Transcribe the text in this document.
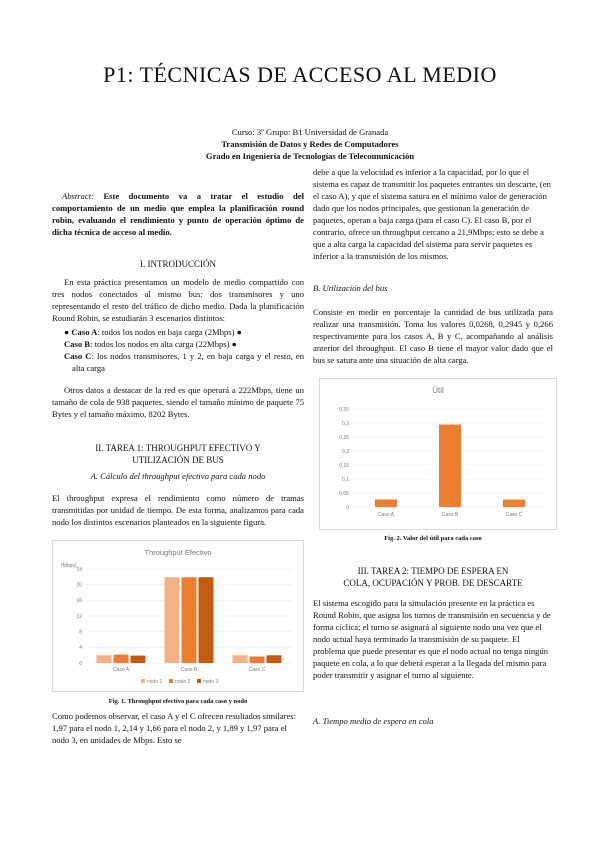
P1: TÉCNICAS DE ACCESO AL MEDIO
Curso: 3º Grupo: B1 Universidad de Granada
Transmisión de Datos y Redes de Computadores
Grado en Ingeniería de Tecnologías de Telecomunicación

Abstract: Este documento va a tratar el estudio del comportamiento de un medio que emplea la planificación round robin, evaluando el rendimiento y punto de operación óptimo de dicha técnica de acceso al medio.

I. INTRODUCCIÓN

En esta práctica presentamos un modelo de medio compartido con tres nodos conectados al mismo bus: dos transmisores y uno representando el resto del tráfico de dicho medio. Dada la planificación Round Robin, se estudiarán 3 escenarios distintos:

● Caso A: todos los nodos en baja carga (2Mbps) ●
Caso B: todos los nodos en alta carga (22Mbps) ●
Caso C: los nodos transmisores, 1 y 2, en baja carga y el resto, en alta carga

Otros datos a destacar de la red es que operará a 222Mbps, tiene un tamaño de cola de 938 paquetes, siendo el tamaño mínimo de paquete 75 Bytes y el tamaño máximo, 8202 Bytes.

II. TAREA 1: THROUGHPUT EFECTIVO Y
UTILIZACIÓN DE BUS
A. Cálculo del throughput efectivo para cada nodo

El throughput expresa el rendimiento como número de tramas transmitidas por unidad de tiempo. De esta forma, analizamos para cada nodo los distintos escenarios planteados en la siguiente figura.

Throughput Efectivo
(Mbps)
0
4
8
12
16
20
24
Caso A	Caso B	Caso C
nodo 1	nodo 2	nodo 3
Fig. 1. Throughput efectivo para cada caso y nodo

Como podemos observar, el caso A y el C ofrecen resultados similares: 1,97 para el nodo 1, 2,14 y 1,66 para el nodo 2, y 1,89 y 1,97 para el nodo 3, en unidades de Mbps. Esto se

debe a que la velocidad es inferior a la capacidad, por lo que el sistema es capaz de transmitir los paquetes entrantes sin descarte, (en el caso A), y que el sistema satura en el mínimo valor de generación dado que los nodos principales, que gestionan la generación de paquetes, operan a baja carga (para el caso C). El caso B, por el contrario, ofrece un throughput cercano a 21,9Mbps; esto se debe a que a alta carga la capacidad del sistema para servir paquetes es inferior a la transmisión de los mismos.

B. Utilización del bus

Consiste en medir en porcentaje la cantidad de bus utilizada para realizar una transmisión. Toma los valores 0,0268, 0,2945 y 0,266 respectivamente para los casos A, B y C, acompañando al análisis anterior del throughput. El caso B tiene el mayor valor dado que el bus se satura ante una situación de alta carga.

Útil
0
0,05
0,1
0,15
0,2
0,25
0,3
0,35
Caso A	Caso B	Caso C
Fig. 2. Valor del útil para cada caso
III. TAREA 2: TIEMPO DE ESPERA EN
COLA, OCUPACIÓN Y PROB. DE DESCARTE

El sistema escogido para la simulación presente en la práctica es Round Robin, que asigna los turnos de transmisión en secuencia y de forma cíclica; el turno se asignará al siguiente nodo una vez que el nodo actual haya terminado la transmisión de su paquete. El problema que puede presentar es que el nodo actual no tenga ningún paquete en cola, a lo que deberá esperar a la llegada del mismo para poder transmitir y asignar el turno al siguiente.

A. Tiempo medio de espera en cola
